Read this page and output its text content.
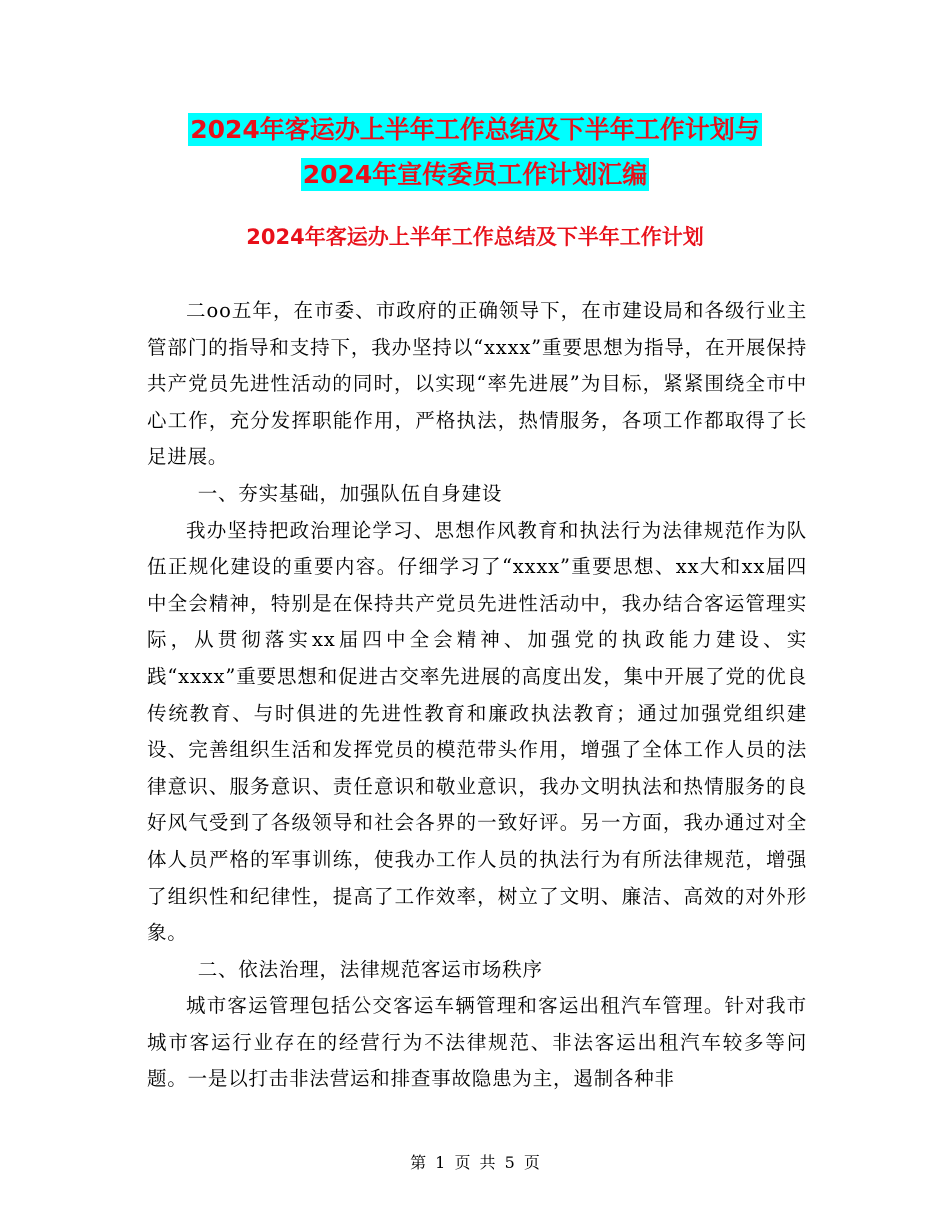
2024年客运办上半年工作总结及下半年工作计划与
2024年宣传委员工作计划汇编
2024年客运办上半年工作总结及下半年工作计划

二oo五年，在市委、市政府的正确领导下，在市建设局和各级行业主管部门的指导和支持下，我办坚持以“xxxx”重要思想为指导，在开展保持共产党员先进性活动的同时，以实现“率先进展”为目标，紧紧围绕全市中心工作，充分发挥职能作用，严格执法，热情服务，各项工作都取得了长足进展。

一、夯实基础，加强队伍自身建设

我办坚持把政治理论学习、思想作风教育和执法行为法律规范作为队伍正规化建设的重要内容。仔细学习了“xxxx”重要思想、xx大和xx届四中全会精神，特别是在保持共产党员先进性活动中，我办结合客运管理实际，从贯彻落实xx届四中全会精神、加强党的执政能力建设、实践“xxxx”重要思想和促进古交率先进展的高度出发，集中开展了党的优良传统教育、与时俱进的先进性教育和廉政执法教育；通过加强党组织建设、完善组织生活和发挥党员的模范带头作用，增强了全体工作人员的法律意识、服务意识、责任意识和敬业意识，我办文明执法和热情服务的良好风气受到了各级领导和社会各界的一致好评。另一方面，我办通过对全体人员严格的军事训练，使我办工作人员的执法行为有所法律规范，增强了组织性和纪律性，提高了工作效率，树立了文明、廉洁、高效的对外形象。

二、依法治理，法律规范客运市场秩序

城市客运管理包括公交客运车辆管理和客运出租汽车管理。针对我市城市客运行业存在的经营行为不法律规范、非法客运出租汽车较多等问题。一是以打击非法营运和排查事故隐患为主，遏制各种非

第 1 页 共 5 页
